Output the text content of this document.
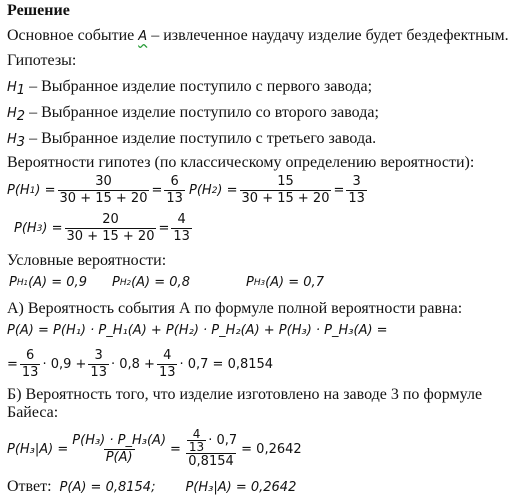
Решение
Основное событие A – извлеченное наудачу изделие будет бездефектным.
Гипотезы:
$H_1$ – Выбранное изделие поступило с первого завода;
$H_2$ – Выбранное изделие поступило со второго завода;
$H_3$ – Выбранное изделие поступило с третьего завода.
Вероятности гипотез (по классическому определению вероятности):
P(H 1 ) = $\frac{30}{30 + 15 + 20} = \frac{6}{13} P(H$ 2 ) = $\frac{15}{30 + 15 + 20} = \frac{3}{13}$
P(H 3 ) = $\frac{20}{30 + 15 + 20} = \frac{4}{13}$
Условные вероятности:
P H1 (A) = 0,9 P H2 (A) = 0,8	P H3 (A) = 0,7
А) Вероятность события А по формуле полной вероятности равна:
P(A) = P(H₁) · P_H₁(A) + P(H₂) · P_H₂(A) + P(H₃) · P_H₃(A) =
= $\frac{6}{13} \cdot 0,9 + \frac{3}{13} \cdot 0,8 + \frac{4}{13} \cdot 0,7 = 0,8154$
Б) Вероятность того, что изделие изготовлено на заводе 3 по формуле
Байеса:
$P(H_3|A) = \frac{\text{P(H₃) · P\_H₃(A)}}{P(A)} = \frac{\frac{4}{13} \cdot 0,7}{0,8154} = 0,2642$
Ответ: P(A) = 0,8154; P(H₃|A) = 0,2642
